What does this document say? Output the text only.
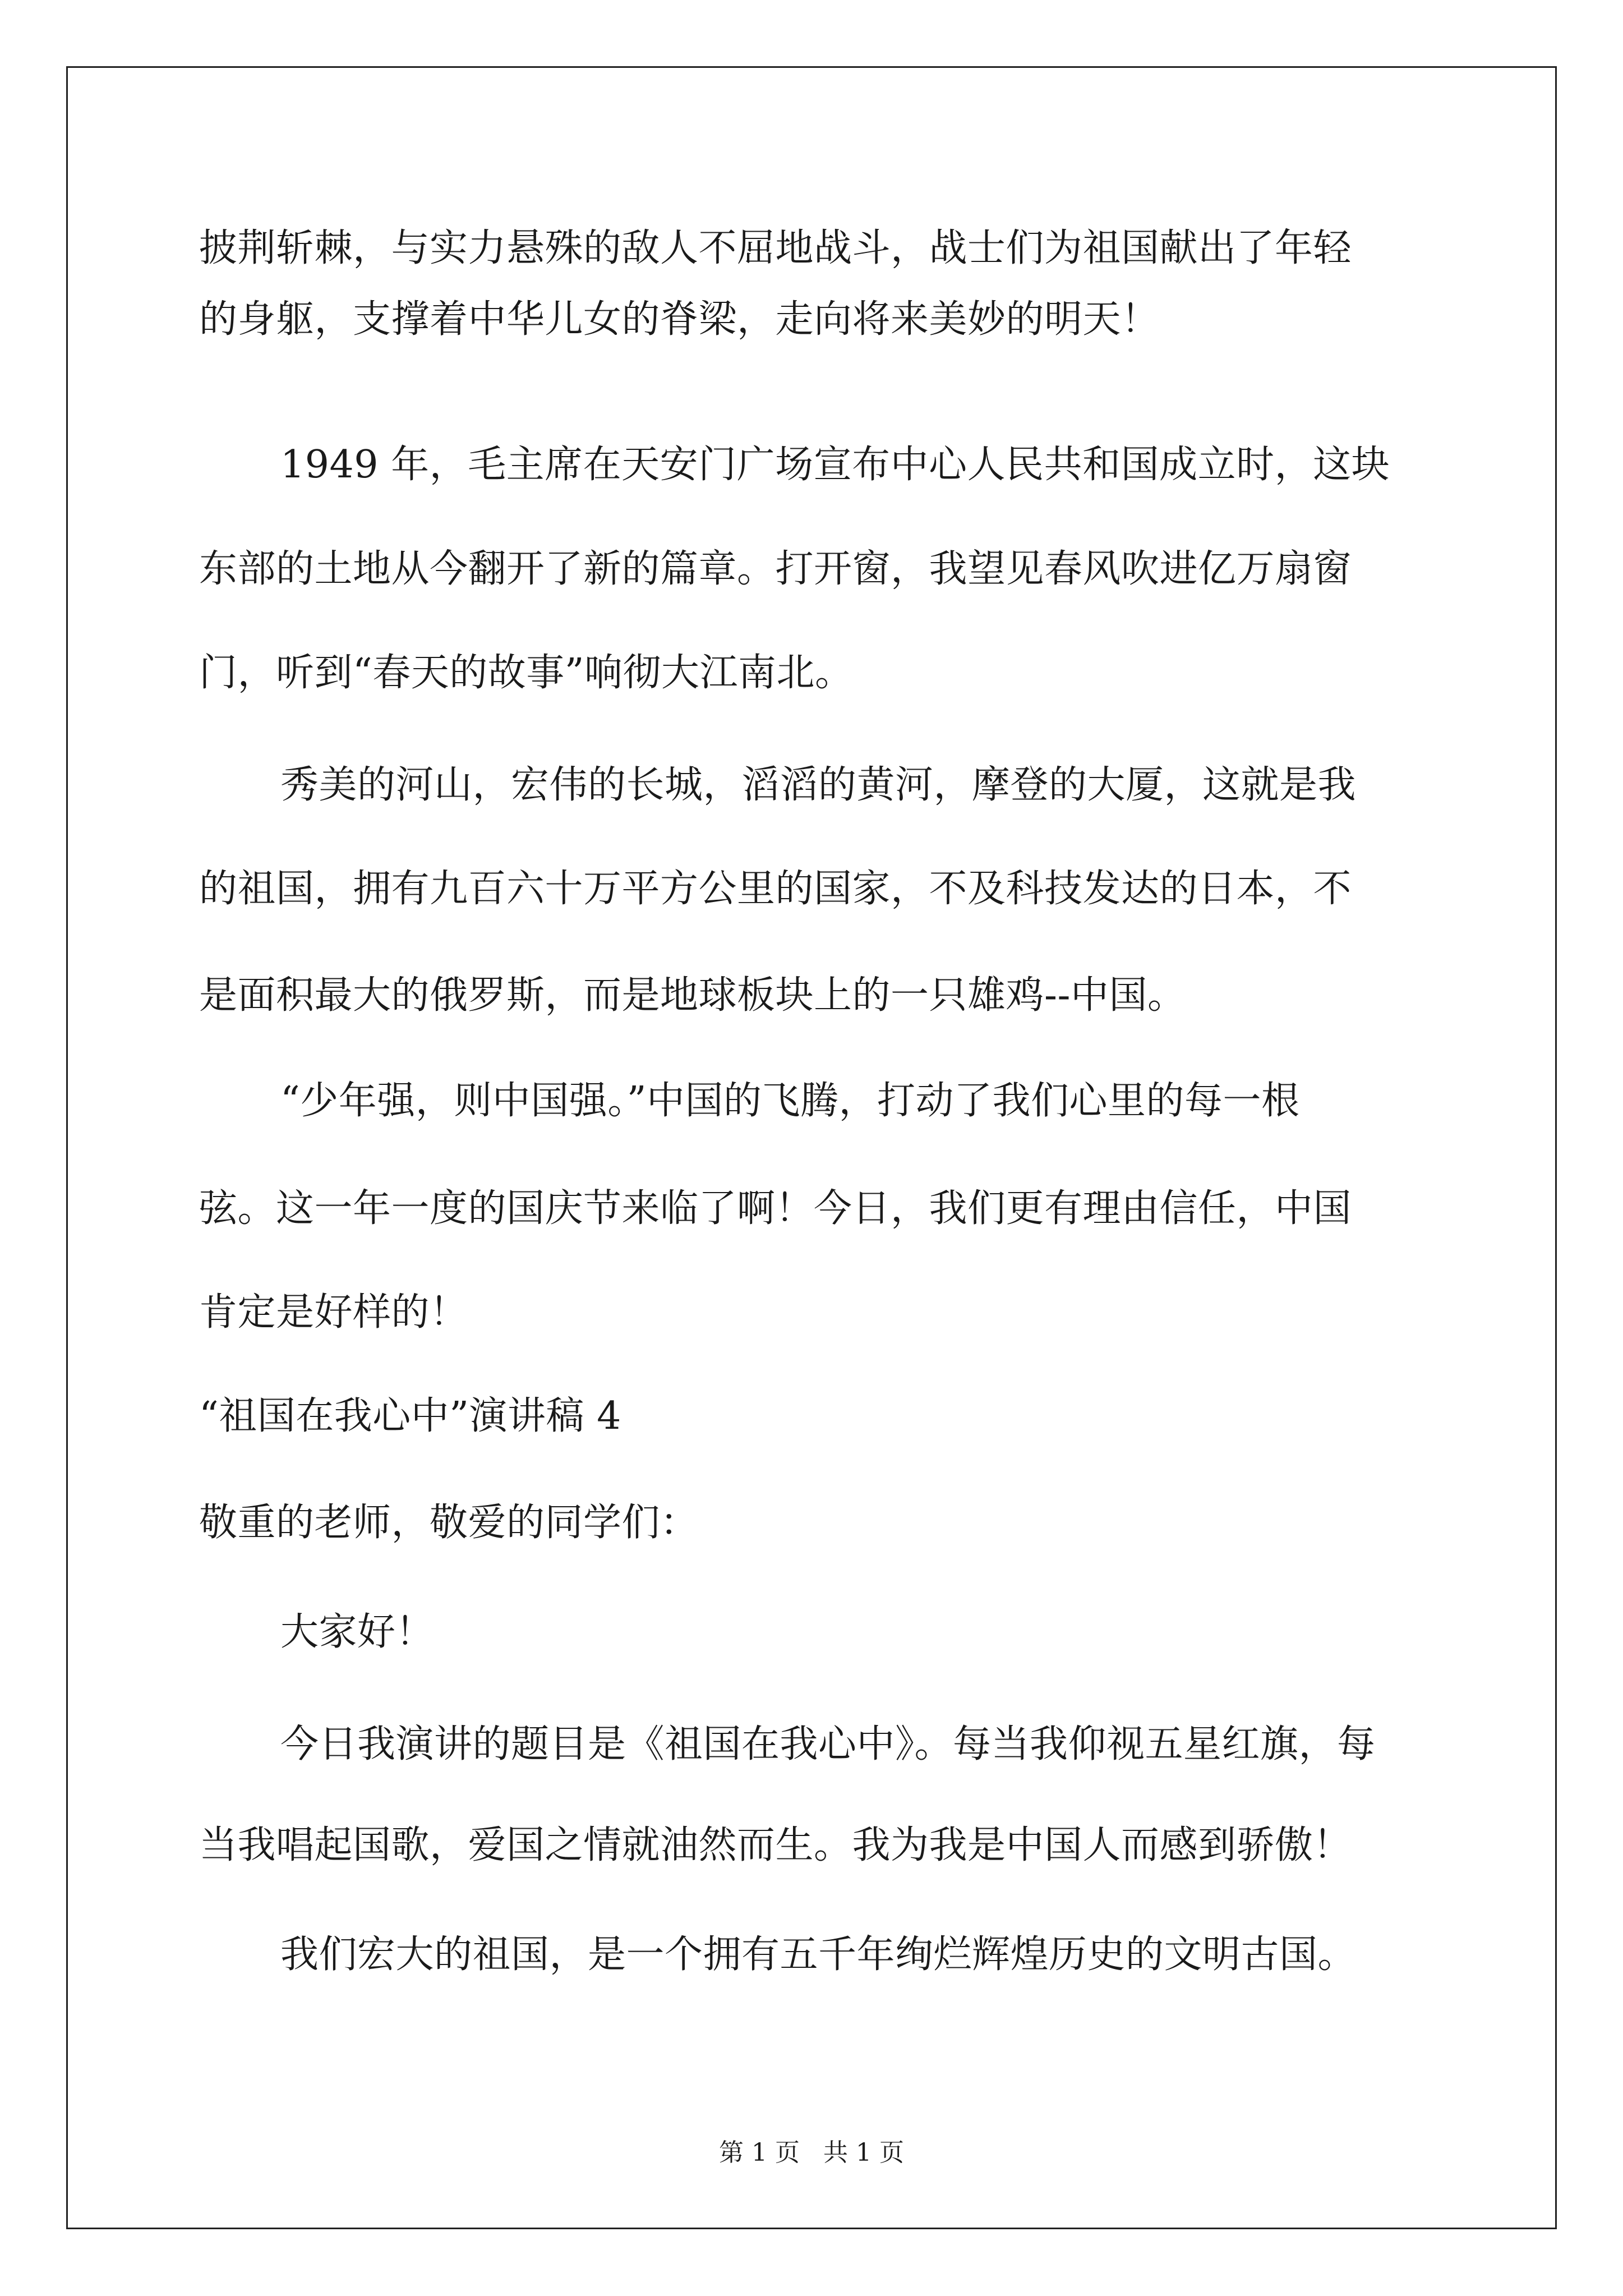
披荆斩棘，与实力悬殊的敌人不屈地战斗，战士们为祖国献出了年轻
的身躯，支撑着中华儿女的脊梁，走向将来美妙的明天！
1949 年，毛主席在天安门广场宣布中心人民共和国成立时，这块
东部的土地从今翻开了新的篇章。打开窗，我望见春风吹进亿万扇窗
门，听到“春天的故事”响彻大江南北。
秀美的河山，宏伟的长城，滔滔的黄河，摩登的大厦，这就是我
的祖国，拥有九百六十万平方公里的国家，不及科技发达的日本，不
是面积最大的俄罗斯，而是地球板块上的一只雄鸡--中国。
“少年强，则中国强。”中国的飞腾，打动了我们心里的每一根
弦。这一年一度的国庆节来临了啊！今日，我们更有理由信任，中国
肯定是好样的！
“祖国在我心中”演讲稿 4
敬重的老师，敬爱的同学们：
大家好！
今日我演讲的题目是《祖国在我心中》。每当我仰视五星红旗，每
当我唱起国歌，爱国之情就油然而生。我为我是中国人而感到骄傲！
我们宏大的祖国，是一个拥有五千年绚烂辉煌历史的文明古国。
第 1 页   共 1 页
